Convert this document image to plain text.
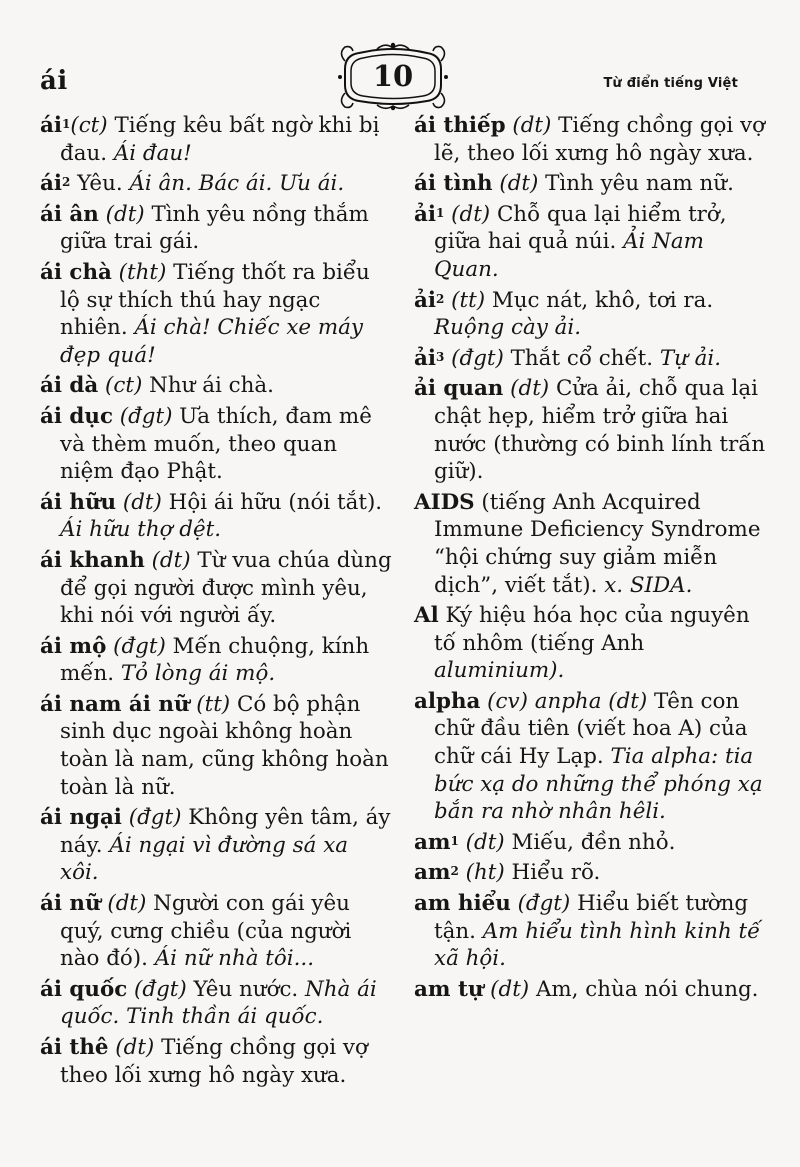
ái	10	Từ điển tiếng Việt

$ái^1(ct)$ Tiếng kêu bất ngờ khi bị đau. Ái đau!

$ái^2$ Yêu. Ái ân. Bác ái. Ưu ái.

ái ân (dt) Tình yêu nồng thắm giữa trai gái.

ái chà (tht) Tiếng thốt ra biểu lộ sự thích thú hay ngạc nhiên. Ái chà! Chiếc xe máy đẹp quá!

ái dà (ct) Như ái chà.

ái dục (đgt) Ưa thích, đam mê và thèm muốn, theo quan niệm đạo Phật.

ái hữu (dt) Hội ái hữu (nói tắt). Ái hữu thợ dệt.

ái khanh (dt) Từ vua chúa dùng để gọi người được mình yêu, khi nói với người ấy.

ái mộ (đgt) Mến chuộng, kính mến. Tỏ lòng ái mộ.

ái nam ái nữ (tt) Có bộ phận sinh dục ngoài không hoàn toàn là nam, cũng không hoàn toàn là nữ.

ái ngại (đgt) Không yên tâm, áy náy. Ái ngại vì đường sá xa xôi.

ái nữ (dt) Người con gái yêu quý, cưng chiều (của người nào đó). Ái nữ nhà tôi...

ái quốc (đgt) Yêu nước. Nhà ái quốc. Tinh thần ái quốc.

ái thê (dt) Tiếng chồng gọi vợ theo lối xưng hô ngày xưa.

ái thiếp (dt) Tiếng chồng gọi vợ lẽ, theo lối xưng hô ngày xưa.

ái tình (dt) Tình yêu nam nữ.

ải$^1$ (dt) Chỗ qua lại hiểm trở, giữa hai quả núi. Ải Nam Quan.

ải$^2$ (tt) Mục nát, khô, tơi ra. Ruộng cày ải.

ải$^3$ (đgt) Thắt cổ chết. Tự ải.

ải quan (dt) Cửa ải, chỗ qua lại chật hẹp, hiểm trở giữa hai nước (thường có binh lính trấn giữ).

AIDS (tiếng Anh Acquired Immune Deficiency Syndrome “hội chứng suy giảm miễn dịch”, viết tắt). x. SIDA.

Al Ký hiệu hóa học của nguyên tố nhôm (tiếng Anh aluminium).

alpha (cv) anpha (dt) Tên con chữ đầu tiên (viết hoa A) của chữ cái Hy Lạp. Tia alpha: tia bức xạ do những thể phóng xạ bắn ra nhờ nhân hêli.

$am^1$ (dt) Miếu, đền nhỏ.

$am^2$ (ht) Hiểu rõ.

am hiểu (đgt) Hiểu biết tường tận. Am hiểu tình hình kinh tế xã hội.

am tự (dt) Am, chùa nói chung.
